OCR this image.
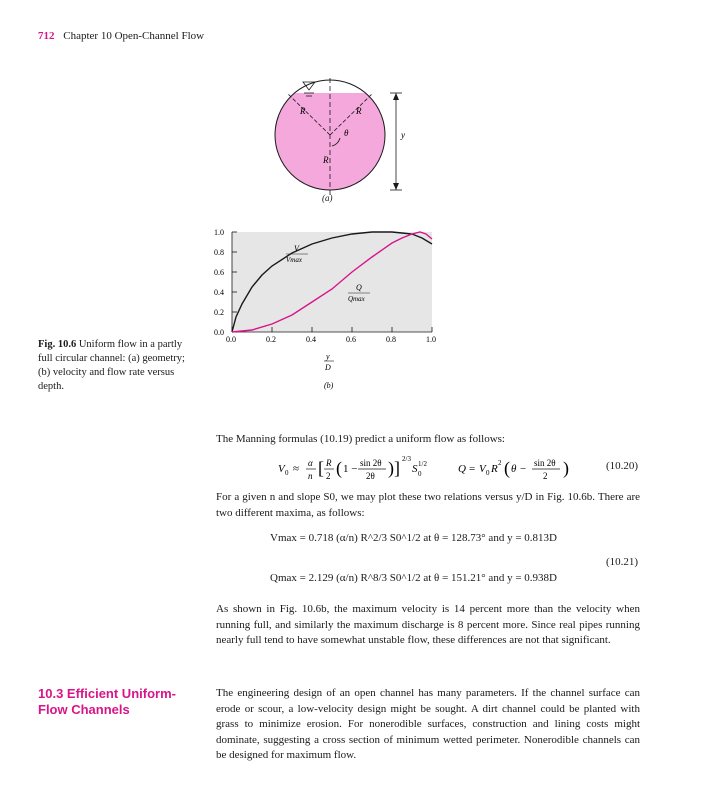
712 Chapter 10 Open-Channel Flow
R	R
R
θ	y
(a)
0.0
0.2
0.4
0.6
0.8
1.0
0.0	0.2	0.4	0.6	0.8	1.0
V
Vmax
Q
Qmax
y
D
(b)
Fig. 10.6 Uniform flow in a partly full circular channel: (a) geometry; (b) velocity and flow rate versus depth.
The Manning formulas (10.19) predict a uniform flow as follows:
V 0 ≈ α
n [ R
2 ( 1 − sin 2θ
2θ )] 2/3
S 1/2
0	Q = V 0 R 2 ( θ − sin 2θ
2 )	(10.20)
For a given n and slope S0, we may plot these two relations versus y/D in Fig. 10.6b. There are two different maxima, as follows:
Vmax = 0.718 (α/n) R^2/3 S0^1/2 at θ = 128.73° and y = 0.813D
Qmax = 2.129 (α/n) R^8/3 S0^1/2 at θ = 151.21° and y = 0.938D
(10.21)
As shown in Fig. 10.6b, the maximum velocity is 14 percent more than the velocity when running full, and similarly the maximum discharge is 8 percent more. Since real pipes running nearly full tend to have somewhat unstable flow, these differences are not that significant.
10.3 Efficient Uniform-Flow Channels
The engineering design of an open channel has many parameters. If the channel surface can erode or scour, a low-velocity design might be sought. A dirt channel could be planted with grass to minimize erosion. For nonerodible surfaces, construction and lining costs might dominate, suggesting a cross section of minimum wetted perimeter. Nonerodible channels can be designed for maximum flow.
